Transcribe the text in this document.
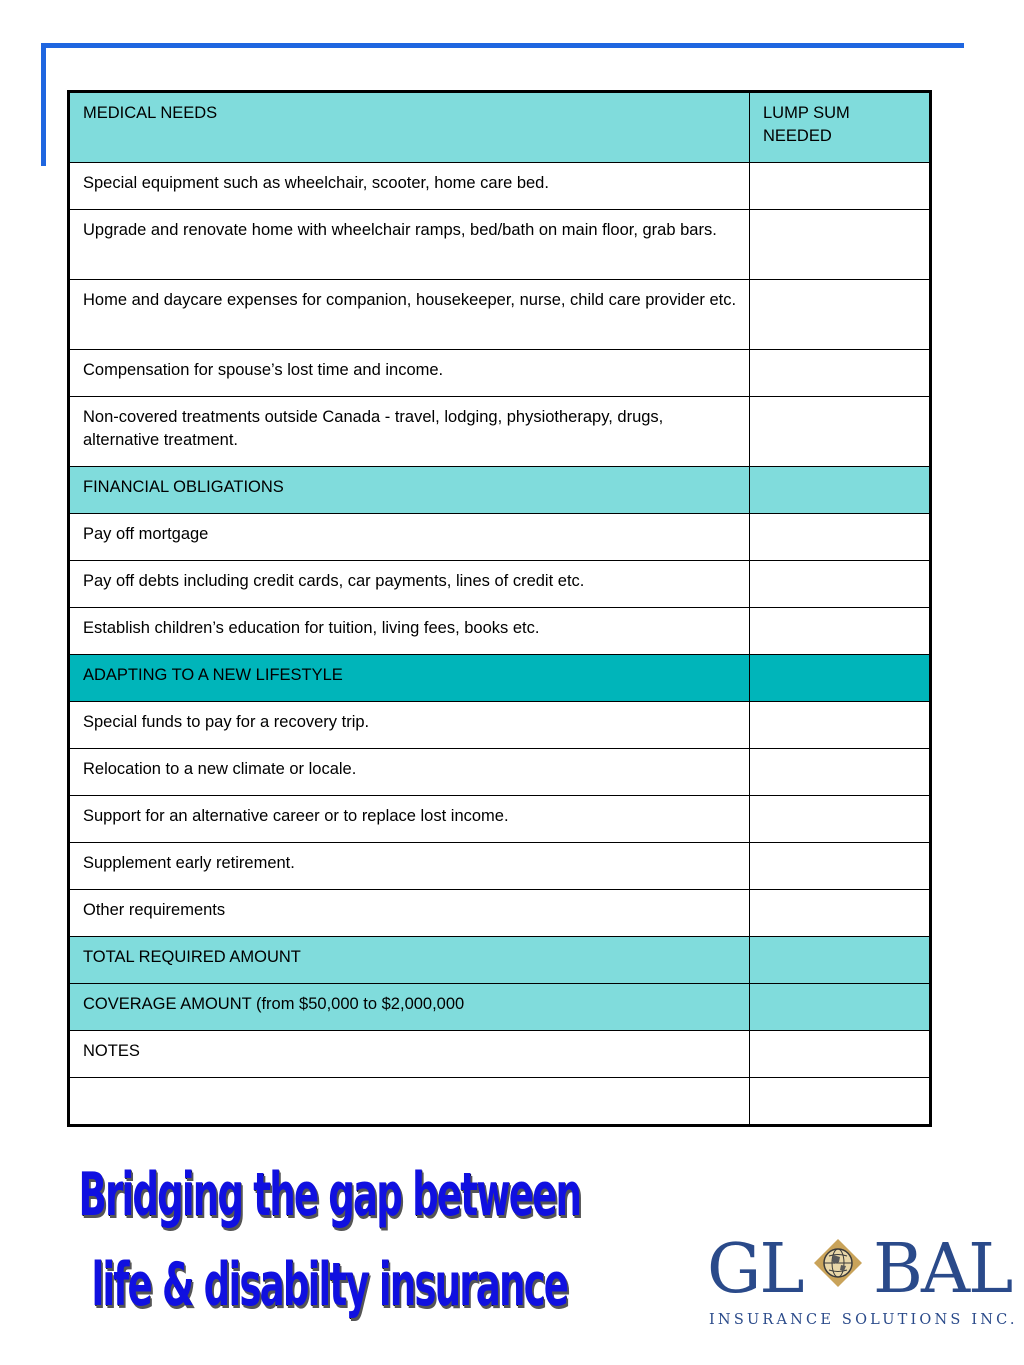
MEDICAL NEEDS	LUMP SUM NEEDED
Special equipment such as wheelchair, scooter, home care bed.	
Upgrade and renovate home with wheelchair ramps, bed/bath on main floor, grab bars.	
Home and daycare expenses for companion, housekeeper, nurse, child care provider etc.	
Compensation for spouse’s lost time and income.	
Non-covered treatments outside Canada - travel, lodging, physiotherapy, drugs, alternative treatment.	
FINANCIAL OBLIGATIONS	
Pay off mortgage	
Pay off debts including credit cards, car payments, lines of credit etc.	
Establish children’s education for tuition, living fees, books etc.	
ADAPTING TO A NEW LIFESTYLE	
Special funds to pay for a recovery trip.	
Relocation to a new climate or locale.	
Support for an alternative career or to replace lost income.	
Supplement early retirement.	
Other requirements	
TOTAL REQUIRED AMOUNT	
COVERAGE AMOUNT (from $50,000 to $2,000,000	
NOTES	

Bridging the gap between
life & disabilty insurance	GL BAL
INSURANCE SOLUTIONS INC.
